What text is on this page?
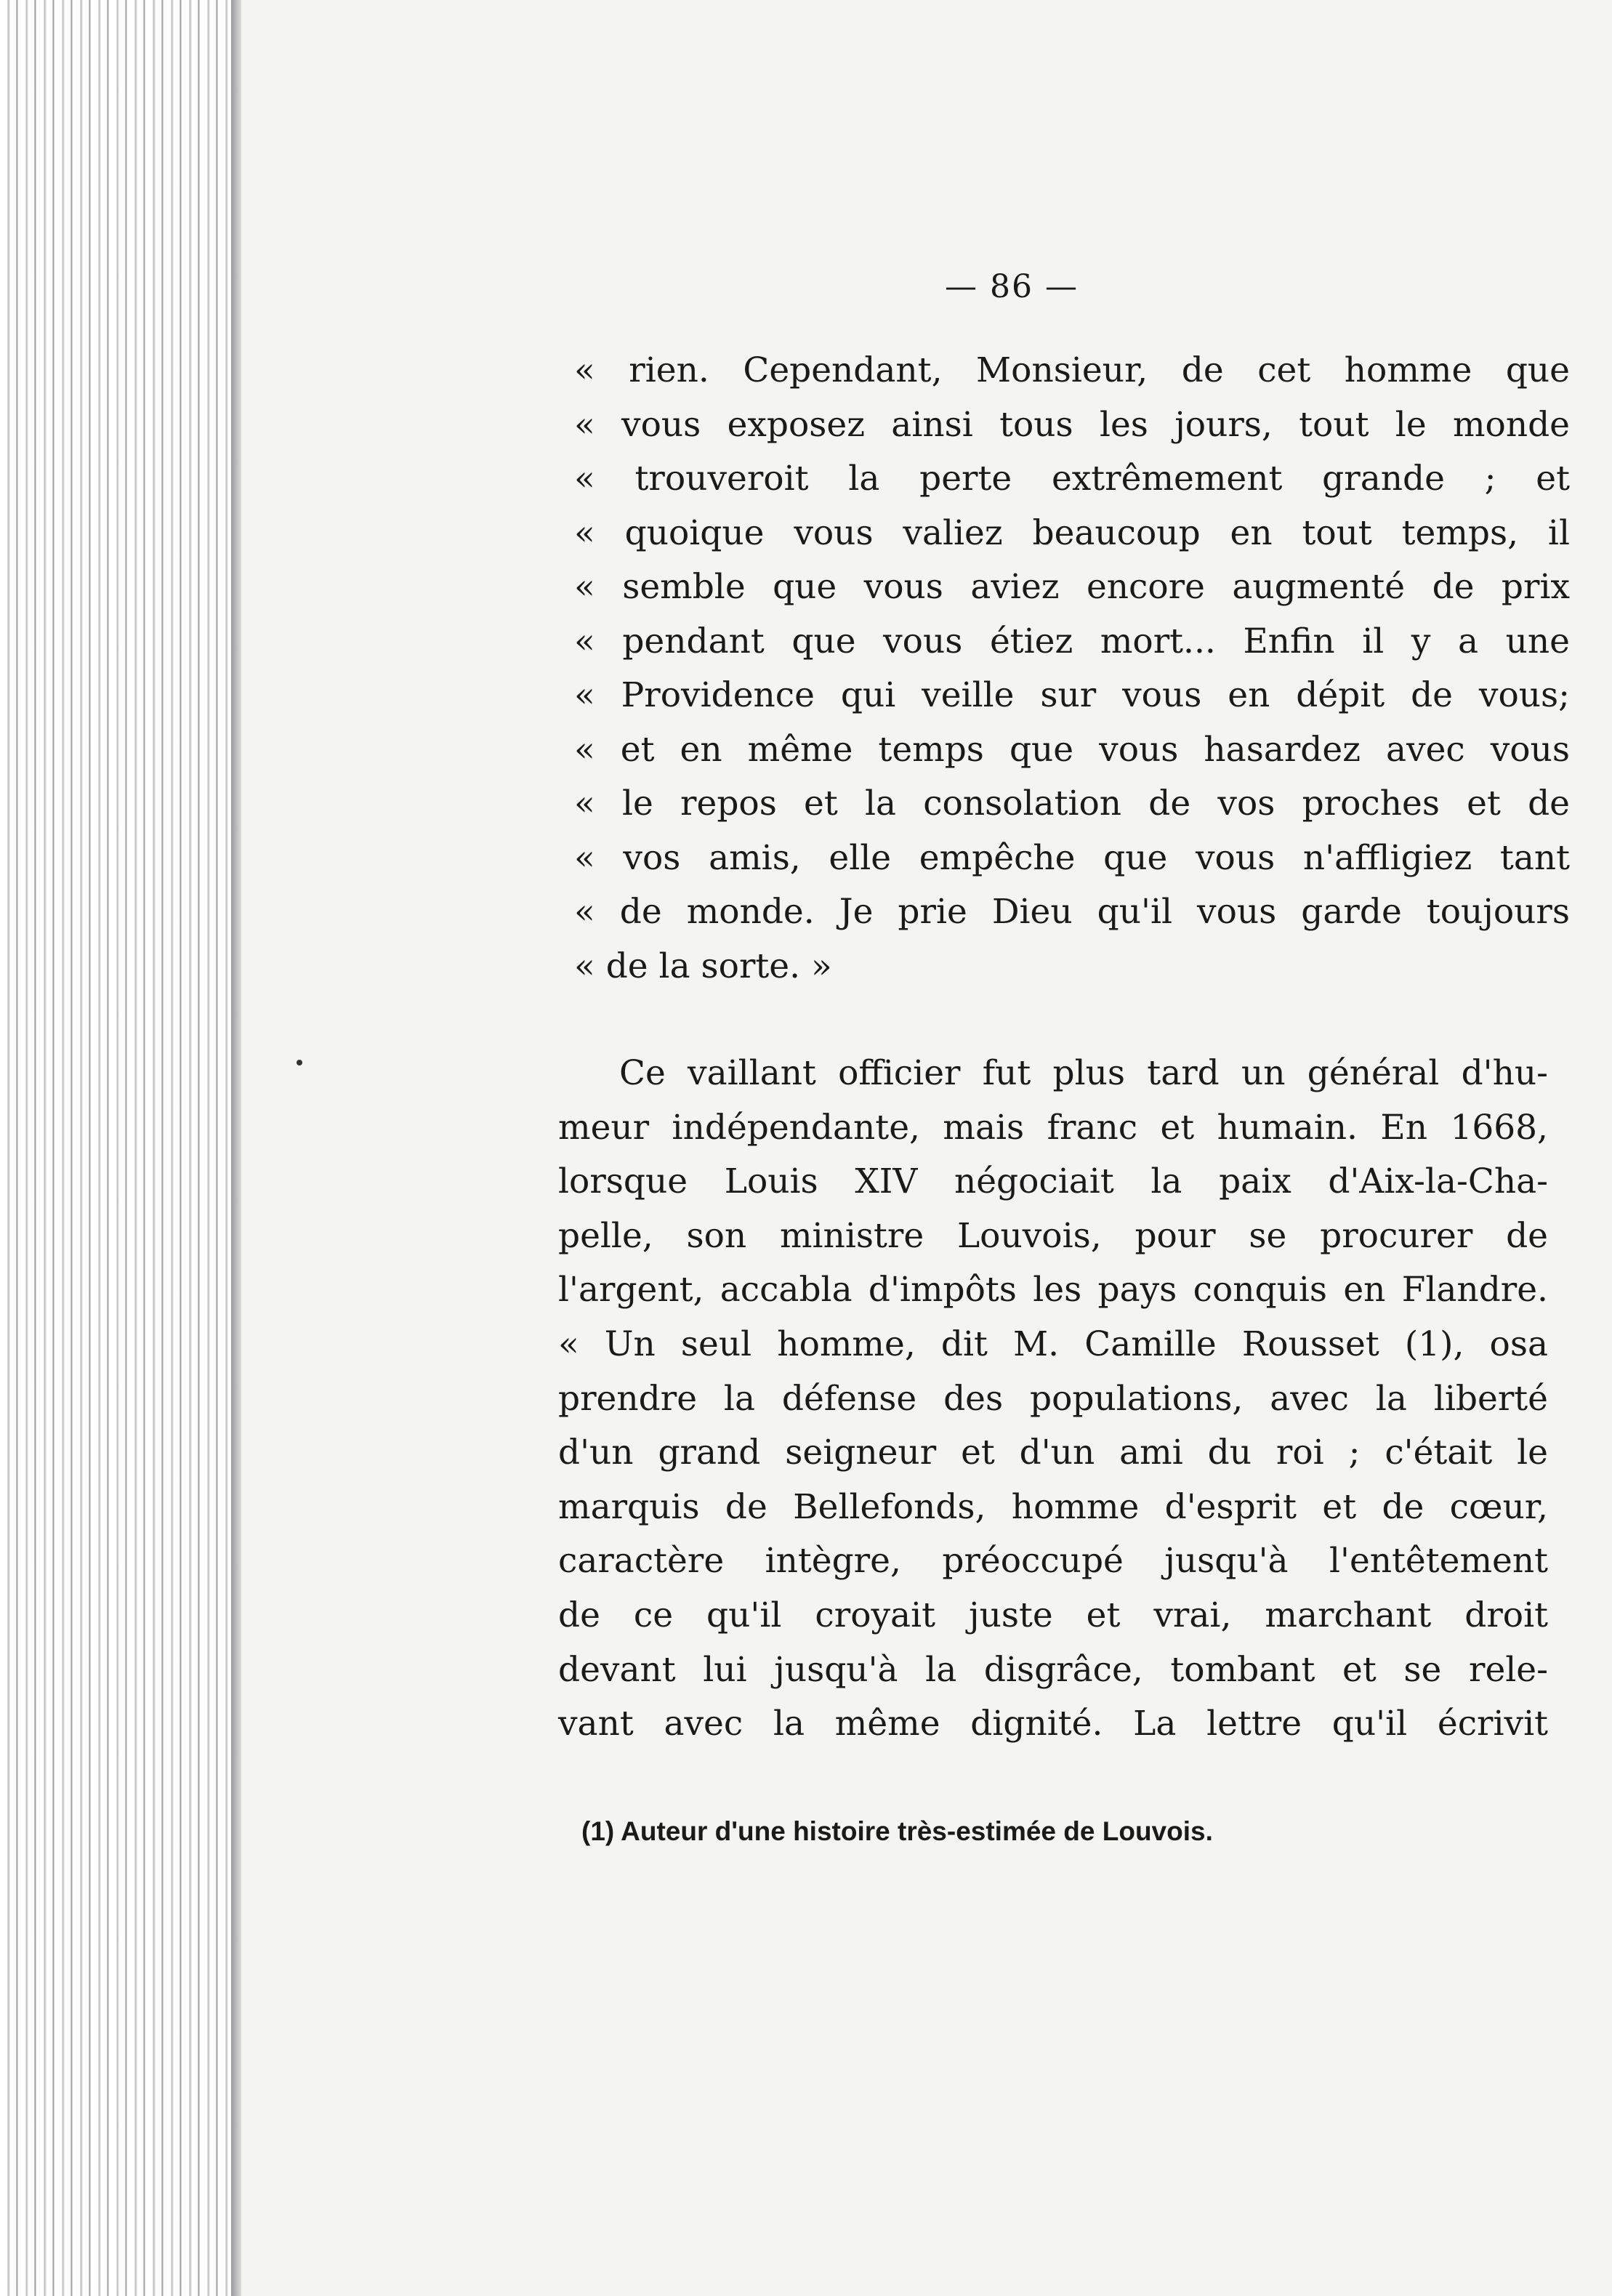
— 86 —
« rien. Cependant, Monsieur, de cet homme que
« vous exposez ainsi tous les jours, tout le monde
« trouveroit la perte extrêmement grande ; et
« quoique vous valiez beaucoup en tout temps, il
« semble que vous aviez encore augmenté de prix
« pendant que vous étiez mort... Enfin il y a une
« Providence qui veille sur vous en dépit de vous;
« et en même temps que vous hasardez avec vous
« le repos et la consolation de vos proches et de
« vos amis, elle empêche que vous n'affligiez tant
« de monde. Je prie Dieu qu'il vous garde toujours
« de la sorte. »
Ce vaillant officier fut plus tard un général d'hu-
meur indépendante, mais franc et humain. En 1668,
lorsque Louis XIV négociait la paix d'Aix-la-Cha-
pelle, son ministre Louvois, pour se procurer de
l'argent, accabla d'impôts les pays conquis en Flandre.
« Un seul homme, dit M. Camille Rousset (1), osa
prendre la défense des populations, avec la liberté
d'un grand seigneur et d'un ami du roi ; c'était le
marquis de Bellefonds, homme d'esprit et de cœur,
caractère intègre, préoccupé jusqu'à l'entêtement
de ce qu'il croyait juste et vrai, marchant droit
devant lui jusqu'à la disgrâce, tombant et se rele-
vant avec la même dignité. La lettre qu'il écrivit
(1) Auteur d'une histoire très-estimée de Louvois.
